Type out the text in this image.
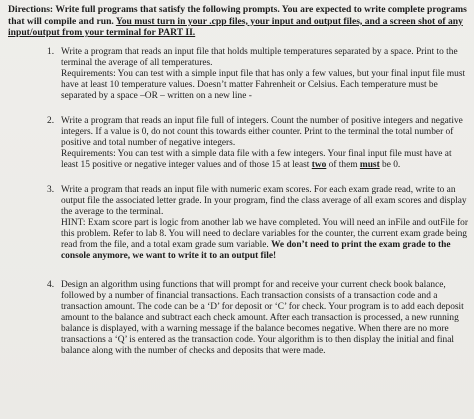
Directions: Write full programs that satisfy the following prompts. You are expected to write complete programs that will compile and run. You must turn in your .cpp files, your input and output files, and a screen shot of any input/output from your terminal for PART II.
1. Write a program that reads an input file that holds multiple temperatures separated by a space. Print to the terminal the average of all temperatures.

Requirements: You can test with a simple input file that has only a few values, but your final input file must have at least 10 temperature values. Doesn’t matter Fahrenheit or Celsius. Each temperature must be separated by a space –OR – written on a new line -

2. Write a program that reads an input file full of integers. Count the number of positive integers and negative integers. If a value is 0, do not count this towards either counter. Print to the terminal the total number of positive and total number of negative integers.

Requirements: You can test with a simple data file with a few integers. Your final input file must have at least 15 positive or negative integer values and of those 15 at least two of them must be 0.

3. Write a program that reads an input file with numeric exam scores. For each exam grade read, write to an output file the associated letter grade. In your program, find the class average of all exam scores and display the average to the terminal.

HINT: Exam score part is logic from another lab we have completed. You will need an inFile and outFile for this problem. Refer to lab 8. You will need to declare variables for the counter, the current exam grade being read from the file, and a total exam grade sum variable. We don’t need to print the exam grade to the console anymore, we want to write it to an output file!

4. Design an algorithm using functions that will prompt for and receive your current check book balance, followed by a number of financial transactions. Each transaction consists of a transaction code and a transaction amount. The code can be a ‘D’ for deposit or ‘C’ for check. Your program is to add each deposit amount to the balance and subtract each check amount. After each transaction is processed, a new running balance is displayed, with a warning message if the balance becomes negative. When there are no more transactions a ‘Q’ is entered as the transaction code. Your algorithm is to then display the initial and final balance along with the number of checks and deposits that were made.
